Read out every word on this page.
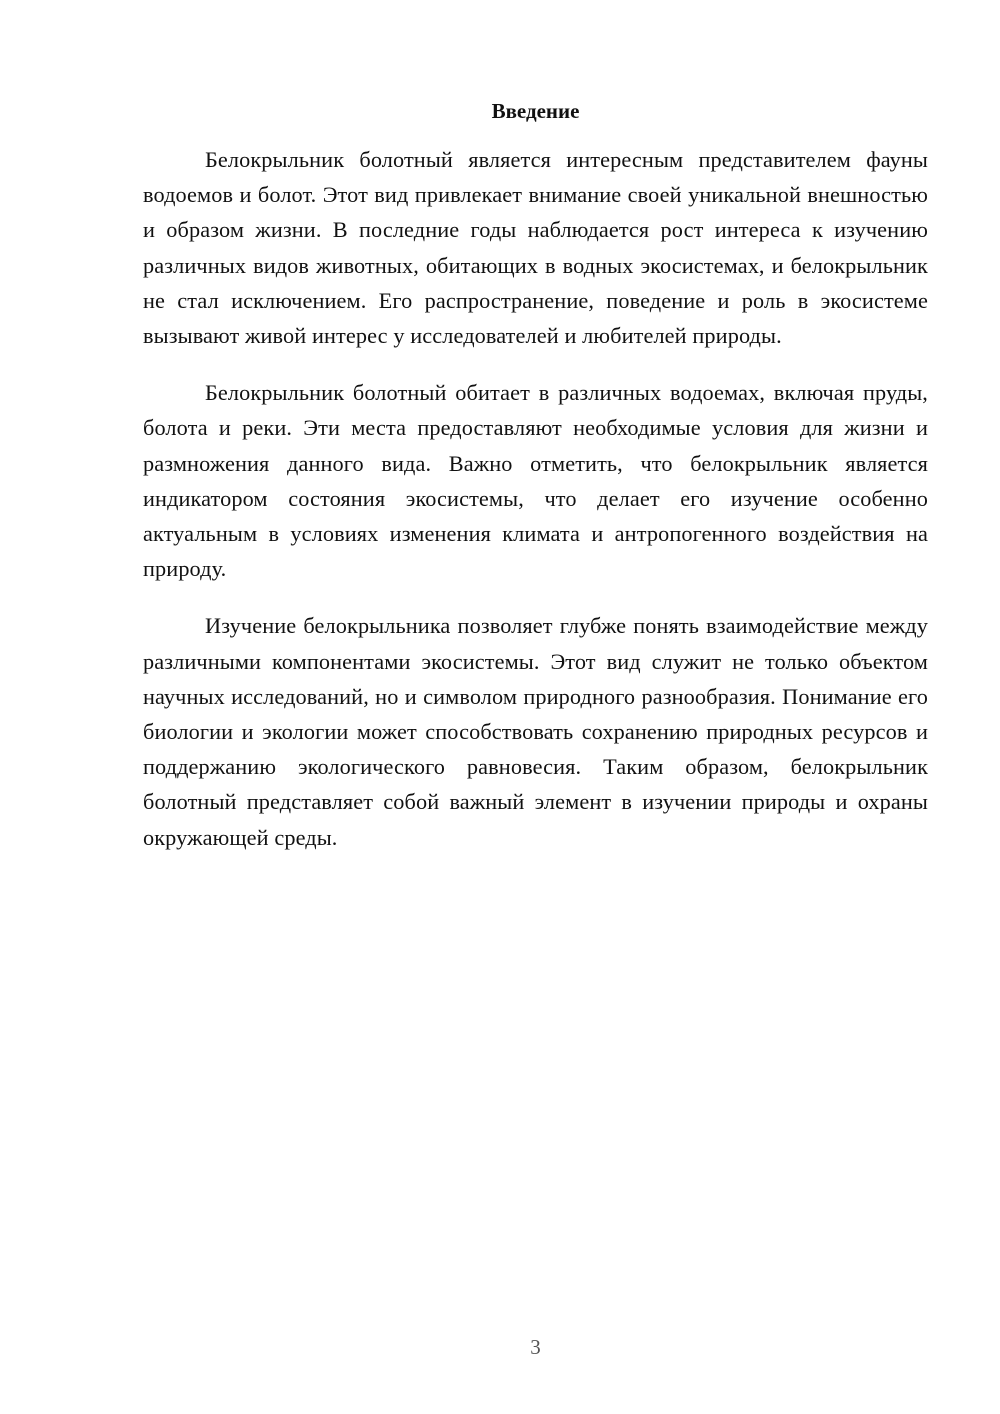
Введение

Белокрыльник болотный является интересным представителем фауны водоемов и болот. Этот вид привлекает внимание своей уникальной внешностью и образом жизни. В последние годы наблюдается рост интереса к изучению различных видов животных, обитающих в водных экосистемах, и белокрыльник не стал исключением. Его распространение, поведение и роль в экосистеме вызывают живой интерес у исследователей и любителей природы.

Белокрыльник болотный обитает в различных водоемах, включая пруды, болота и реки. Эти места предоставляют необходимые условия для жизни и размножения данного вида. Важно отметить, что белокрыльник является индикатором состояния экосистемы, что делает его изучение особенно актуальным в условиях изменения климата и антропогенного воздействия на природу.

Изучение белокрыльника позволяет глубже понять взаимодействие между различными компонентами экосистемы. Этот вид служит не только объектом научных исследований, но и символом природного разнообразия. Понимание его биологии и экологии может способствовать сохранению природных ресурсов и поддержанию экологического равновесия. Таким образом, белокрыльник болотный представляет собой важный элемент в изучении природы и охраны окружающей среды.

3
